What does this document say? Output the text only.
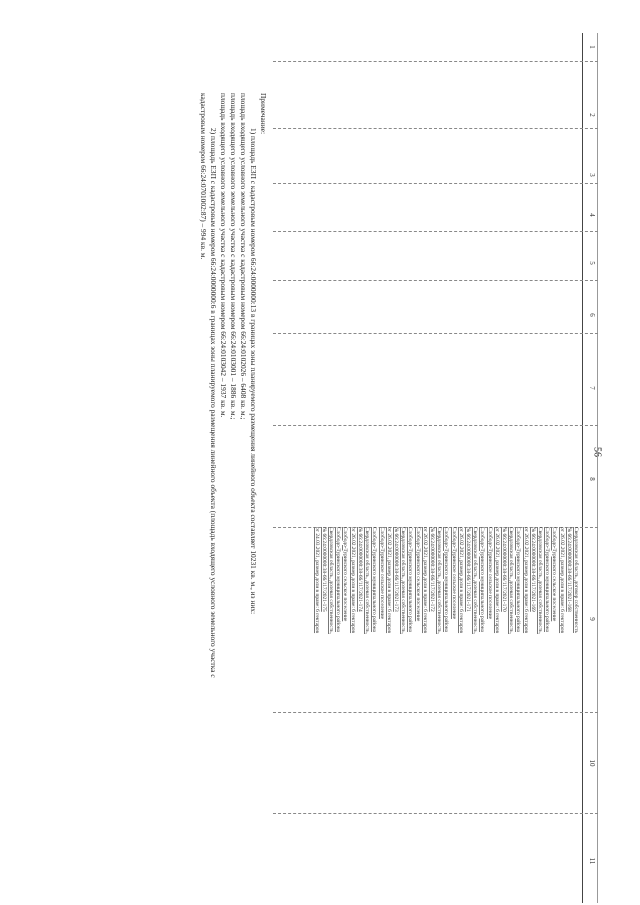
56
1
2
3
4
5
6
7
8
9
10
11
Свердловская область, договор собственность
№ 66:24:0000000:38-66/117/2021-168
от 26.02.2021, размер доли в праве: 6 гектаров
Слободо-Туринского сельское поселение
Слободо-Туринского муниципального района
Свердловская область, долевая собственность,
№ 66:24:0000000:38-66/117/2021-169
от 26.02.2021, размер доли в праве: 6 гектаров
Слободо-Туринского муниципального района
Свердловская область, долевая собственность,
№ 66:24:0000000:38-66/117/2021-170
от 26.02.2021, размер доли в праве: 6 гектаров
Слободо-Туринское сельское поселение
Слободо-Туринского муниципального района
Свердловская область, долевая собственность,
№ 66:24:0000000:38-66/117/2021-171
от 26.02.2021, размер доли в праве: 6 гектаров
Слободо-Туринское сельское поселение
Слободо-Туринского муниципального района
Свердловская область, долевая собственность,
№ 66:24:0000000:38-66/117/2021-172
от 26.02.2021, размер доли в праве: 6 гектаров
Слободо-Туринского сельское поселение
Слободо-Туринского муниципального района
Свердловская область, долевая собственность,
№ 66:24:0000000:38-66/117/2021-173
от 26.02.2021, размер доли в праве: 6 гектаров
Слободо-Туринское сельское поселение
Слободо-Туринского муниципального района
Свердловская область, долевая собственность,
№ 66:24:0000000:38-66/117/2021-174
от 26.02.2021, размер доли в праве: 6 гектаров
Слободо-Туринского сельское поселение
Слободо-Туринского муниципального района
Свердловская область, долевая собственность,
№ 66:24:0000000:38-66/117/2021-175
от 24.03.2021, размер доли в праве: 6 гектаров
Примечание:
1) площадь ЕЗП с кадастровым номером 66:24:0000000:13 в границах зоны планируемого размещения линейного объекта составляет 10231 кв. м., из них:
площадь входящего условного земельного участка с кадастровым номером 66:24:0102026 – 6408 кв. м.;
площадь входящего условного земельного участка с кадастровым номером 66:24:0103001 – 1886 кв. м.;
площадь входящего условного земельного участка с кадастровым номером 66:24:0103042 – 1937 кв. м.
2) площадь ЕЗП с кадастровым номером 66:24:0000000:6 в границах зоны планируемого размещения линейного объекта (площадь входящего условного земельного участка с
кадастровым номером 66:24:0701002:87) – 994 кв. м.
